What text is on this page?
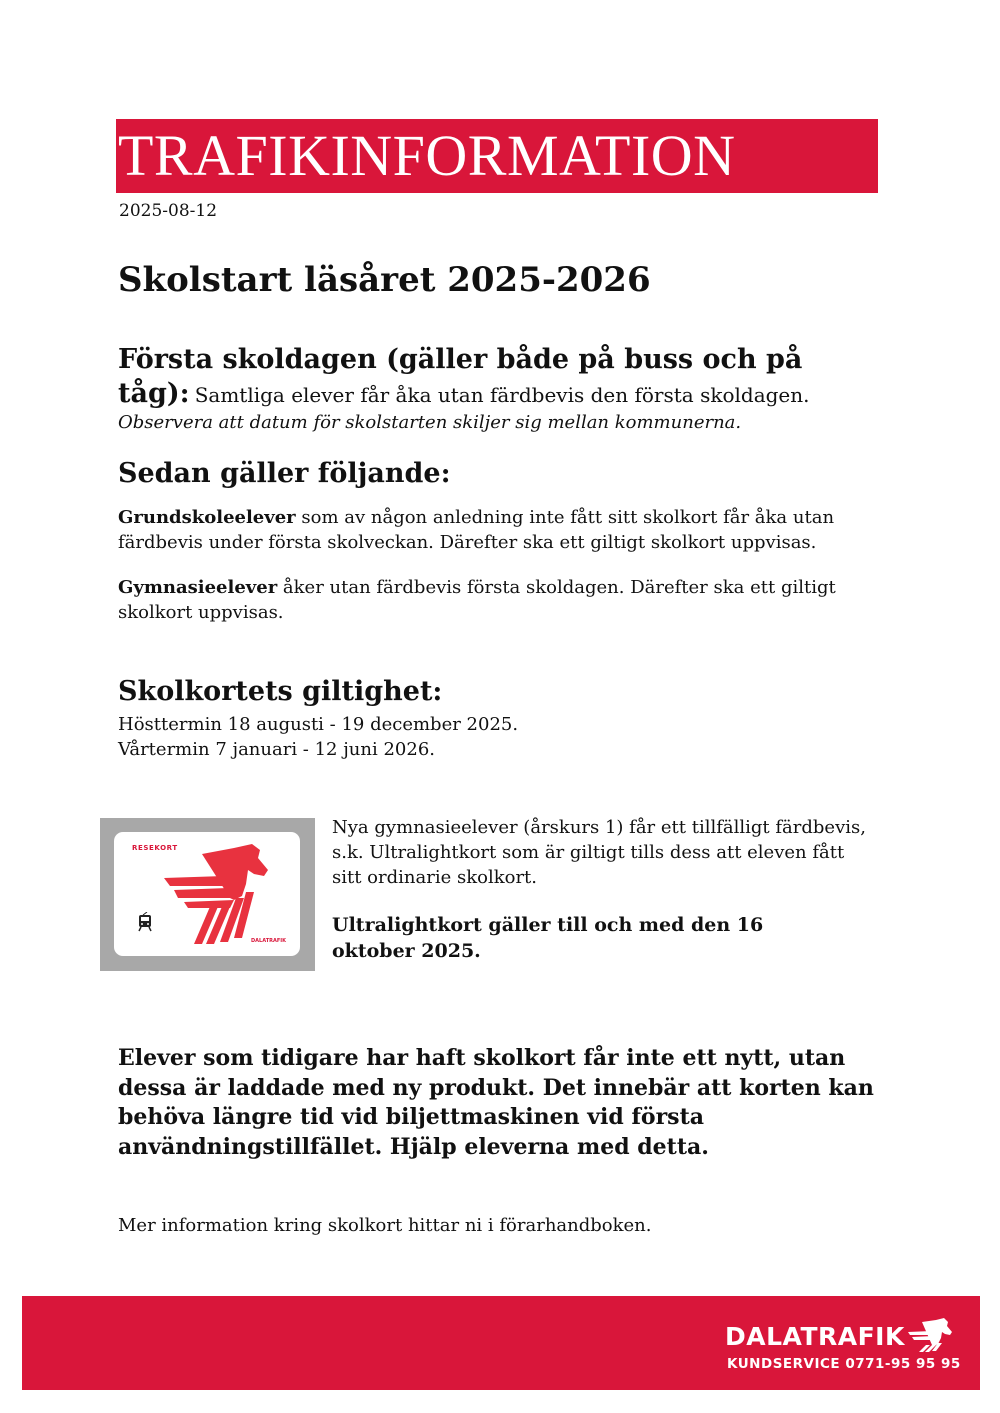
TRAFIKINFORMATION
2025-08-12
Skolstart läsåret 2025-2026
Första skoldagen (gäller både på buss och på tåg): Samtliga elever får åka utan färdbevis den första skoldagen.
Observera att datum för skolstarten skiljer sig mellan kommunerna.
Sedan gäller följande:
Grundskoleelever som av någon anledning inte fått sitt skolkort får åka utan färdbevis under första skolveckan. Därefter ska ett giltigt skolkort uppvisas.
Gymnasieelever åker utan färdbevis första skoldagen. Därefter ska ett giltigt skolkort uppvisas.
Skolkortets giltighet:
Hösttermin 18 augusti - 19 december 2025.
Vårtermin 7 januari - 12 juni 2026.
RESEKORT
DALATRAFIK
Nya gymnasieelever (årskurs 1) får ett tillfälligt färdbevis, s.k. Ultralightkort som är giltigt tills dess att eleven fått sitt ordinarie skolkort.
Ultralightkort gäller till och med den 16 oktober 2025.
Elever som tidigare har haft skolkort får inte ett nytt, utan dessa är laddade med ny produkt. Det innebär att korten kan behöva längre tid vid biljettmaskinen vid första användningstillfället. Hjälp eleverna med detta.
Mer information kring skolkort hittar ni i förarhandboken.
DALATRAFIK
KUNDSERVICE 0771-95 95 95
